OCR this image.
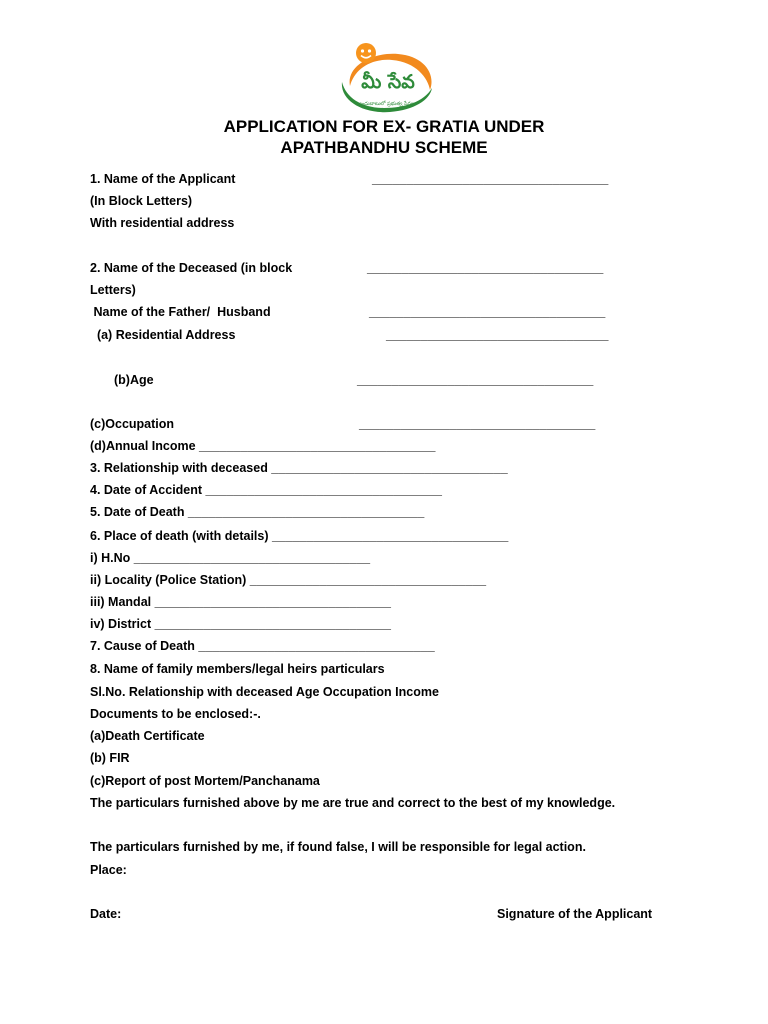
మీ సేవ
అందుబాటులో ప్రభుత్వ సేవలు
APPLICATION FOR EX- GRATIA UNDER
APATHBANDHU SCHEME
1. Name of the Applicant	__________________________________
(In Block Letters)
With residential address
2. Name of the Deceased (in block	__________________________________
Letters)
Name of the Father/  Husband	__________________________________
(a) Residential Address	________________________________
(b)Age	__________________________________
(c)Occupation	__________________________________
(d)Annual Income __________________________________
3. Relationship with deceased __________________________________
4. Date of Accident __________________________________
5. Date of Death __________________________________
6. Place of death (with details) __________________________________
i) H.No __________________________________
ii) Locality (Police Station) __________________________________
iii) Mandal __________________________________
iv) District __________________________________
7. Cause of Death __________________________________
8. Name of family members/legal heirs particulars
Sl.No. Relationship with deceased Age Occupation Income
Documents to be enclosed:-.
(a)Death Certificate
(b) FIR
(c)Report of post Mortem/Panchanama
The particulars furnished above by me are true and correct to the best of my knowledge.
The particulars furnished by me, if found false, I will be responsible for legal action.
Place:
Date:	Signature of the Applicant
